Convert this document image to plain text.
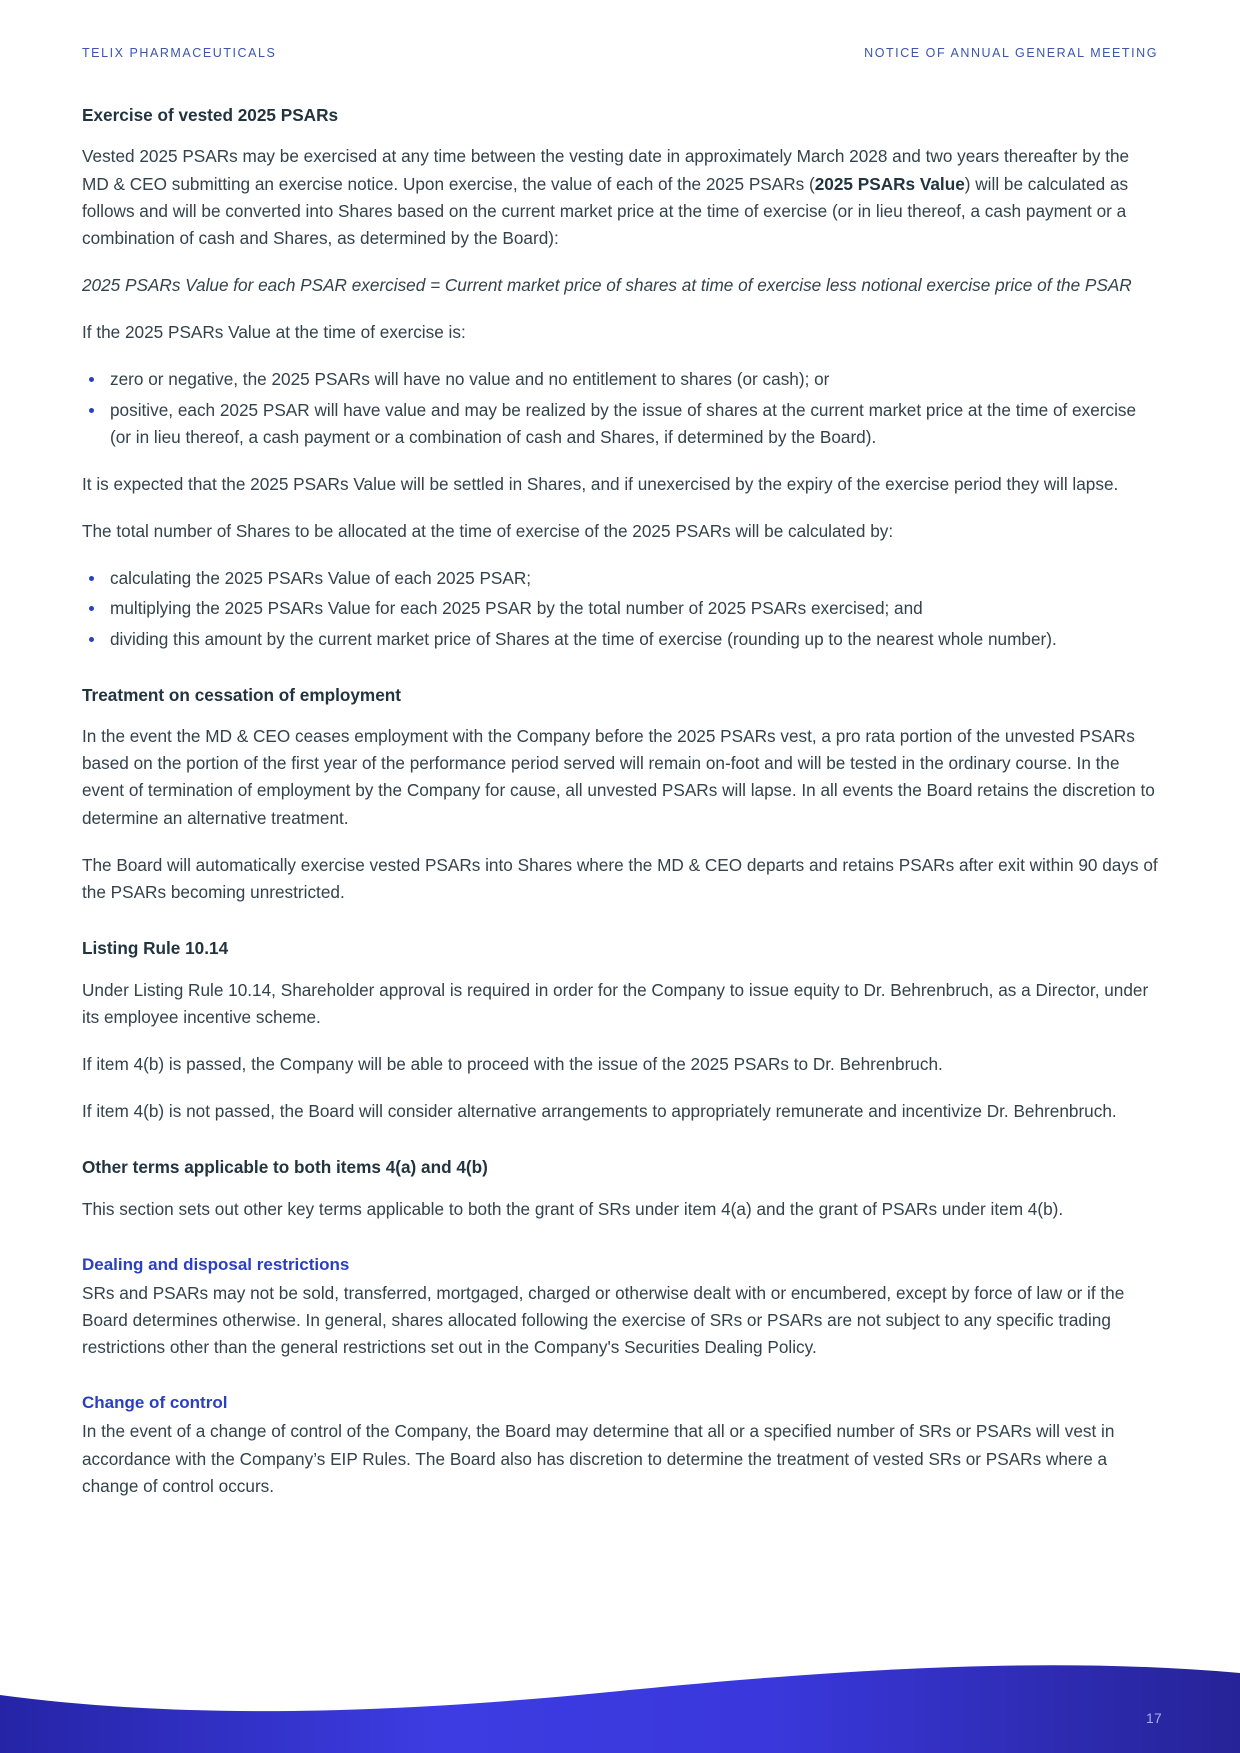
TELIX PHARMACEUTICALS	NOTICE OF ANNUAL GENERAL MEETING
Exercise of vested 2025 PSARs

Vested 2025 PSARs may be exercised at any time between the vesting date in approximately March 2028 and two years thereafter by the MD & CEO submitting an exercise notice. Upon exercise, the value of each of the 2025 PSARs (2025 PSARs Value) will be calculated as follows and will be converted into Shares based on the current market price at the time of exercise (or in lieu thereof, a cash payment or a combination of cash and Shares, as determined by the Board):

2025 PSARs Value for each PSAR exercised = Current market price of shares at time of exercise less notional exercise price of the PSAR

If the 2025 PSARs Value at the time of exercise is:

zero or negative, the 2025 PSARs will have no value and no entitlement to shares (or cash); or
positive, each 2025 PSAR will have value and may be realized by the issue of shares at the current market price at the time of exercise (or in lieu thereof, a cash payment or a combination of cash and Shares, if determined by the Board).

It is expected that the 2025 PSARs Value will be settled in Shares, and if unexercised by the expiry of the exercise period they will lapse.

The total number of Shares to be allocated at the time of exercise of the 2025 PSARs will be calculated by:

calculating the 2025 PSARs Value of each 2025 PSAR;
multiplying the 2025 PSARs Value for each 2025 PSAR by the total number of 2025 PSARs exercised; and
dividing this amount by the current market price of Shares at the time of exercise (rounding up to the nearest whole number).
Treatment on cessation of employment

In the event the MD & CEO ceases employment with the Company before the 2025 PSARs vest, a pro rata portion of the unvested PSARs based on the portion of the first year of the performance period served will remain on-foot and will be tested in the ordinary course. In the event of termination of employment by the Company for cause, all unvested PSARs will lapse. In all events the Board retains the discretion to determine an alternative treatment.

The Board will automatically exercise vested PSARs into Shares where the MD & CEO departs and retains PSARs after exit within 90 days of the PSARs becoming unrestricted.

Listing Rule 10.14

Under Listing Rule 10.14, Shareholder approval is required in order for the Company to issue equity to Dr. Behrenbruch, as a Director, under its employee incentive scheme.

If item 4(b) is passed, the Company will be able to proceed with the issue of the 2025 PSARs to Dr. Behrenbruch.

If item 4(b) is not passed, the Board will consider alternative arrangements to appropriately remunerate and incentivize Dr. Behrenbruch.

Other terms applicable to both items 4(a) and 4(b)

This section sets out other key terms applicable to both the grant of SRs under item 4(a) and the grant of PSARs under item 4(b).

Dealing and disposal restrictions

SRs and PSARs may not be sold, transferred, mortgaged, charged or otherwise dealt with or encumbered, except by force of law or if the Board determines otherwise. In general, shares allocated following the exercise of SRs or PSARs are not subject to any specific trading restrictions other than the general restrictions set out in the Company's Securities Dealing Policy.

Change of control

In the event of a change of control of the Company, the Board may determine that all or a specified number of SRs or PSARs will vest in accordance with the Company’s EIP Rules. The Board also has discretion to determine the treatment of vested SRs or PSARs where a change of control occurs.

17
